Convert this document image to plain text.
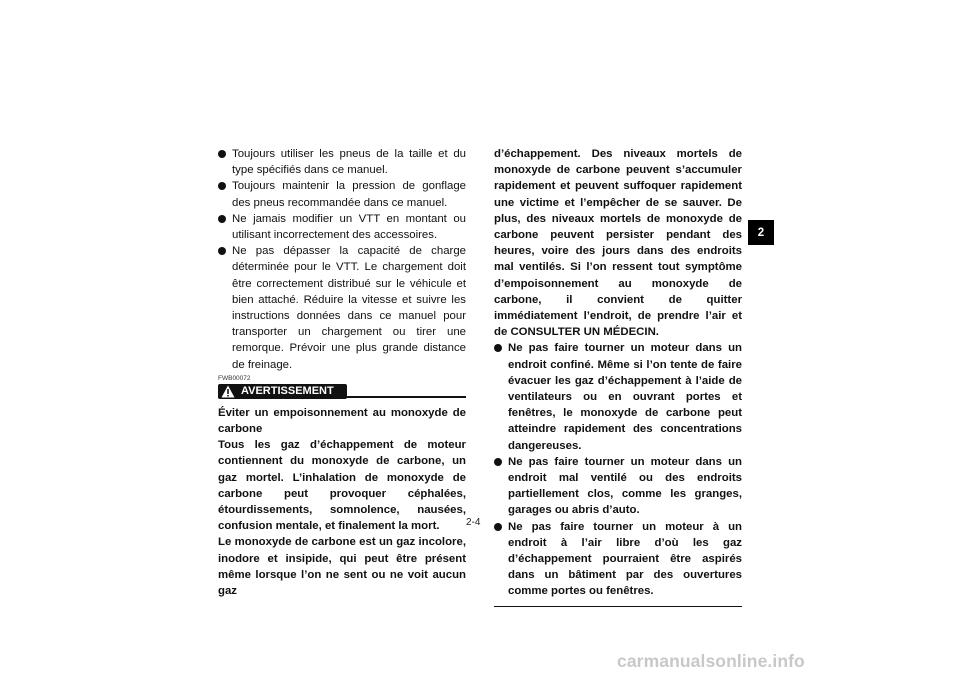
Toujours utiliser les pneus de la taille et du type spécifiés dans ce manuel.
Toujours maintenir la pression de gonflage des pneus recommandée dans ce manuel.
Ne jamais modifier un VTT en montant ou utilisant incorrectement des accessoires.
Ne pas dépasser la capacité de charge déterminée pour le VTT. Le chargement doit être correctement distribué sur le véhicule et bien attaché. Réduire la vitesse et suivre les instructions données dans ce manuel pour transporter un chargement ou tirer une remorque. Prévoir une plus grande distance de freinage.
FWB00072
AVERTISSEMENT

Éviter un empoisonnement au monoxyde de carbone

Tous les gaz d’échappement de moteur contiennent du monoxyde de carbone, un gaz mortel. L’inhalation de monoxyde de carbone peut provoquer céphalées, étourdissements, somnolence, nausées, confusion mentale, et finalement la mort.

Le monoxyde de carbone est un gaz incolore, inodore et insipide, qui peut être présent même lorsque l’on ne sent ou ne voit aucun gaz

d’échappement. Des niveaux mortels de monoxyde de carbone peuvent s’accumuler rapidement et peuvent suffoquer rapidement une victime et l’empêcher de se sauver. De plus, des niveaux mortels de monoxyde de carbone peuvent persister pendant des heures, voire des jours dans des endroits mal ventilés. Si l’on ressent tout symptôme d’empoisonnement au monoxyde de carbone, il convient de quitter immédiatement l’endroit, de prendre l’air et de CONSULTER UN MÉDECIN.

Ne pas faire tourner un moteur dans un endroit confiné. Même si l’on tente de faire évacuer les gaz d’échappement à l’aide de ventilateurs ou en ouvrant portes et fenêtres, le monoxyde de carbone peut atteindre rapidement des concentrations dangereuses.
Ne pas faire tourner un moteur dans un endroit mal ventilé ou des endroits partiellement clos, comme les granges, garages ou abris d’auto.
Ne pas faire tourner un moteur à un endroit à l’air libre d’où les gaz d’échappement pourraient être aspirés dans un bâtiment par des ouvertures comme portes ou fenêtres.
2
2-4
carmanualsonline.info
